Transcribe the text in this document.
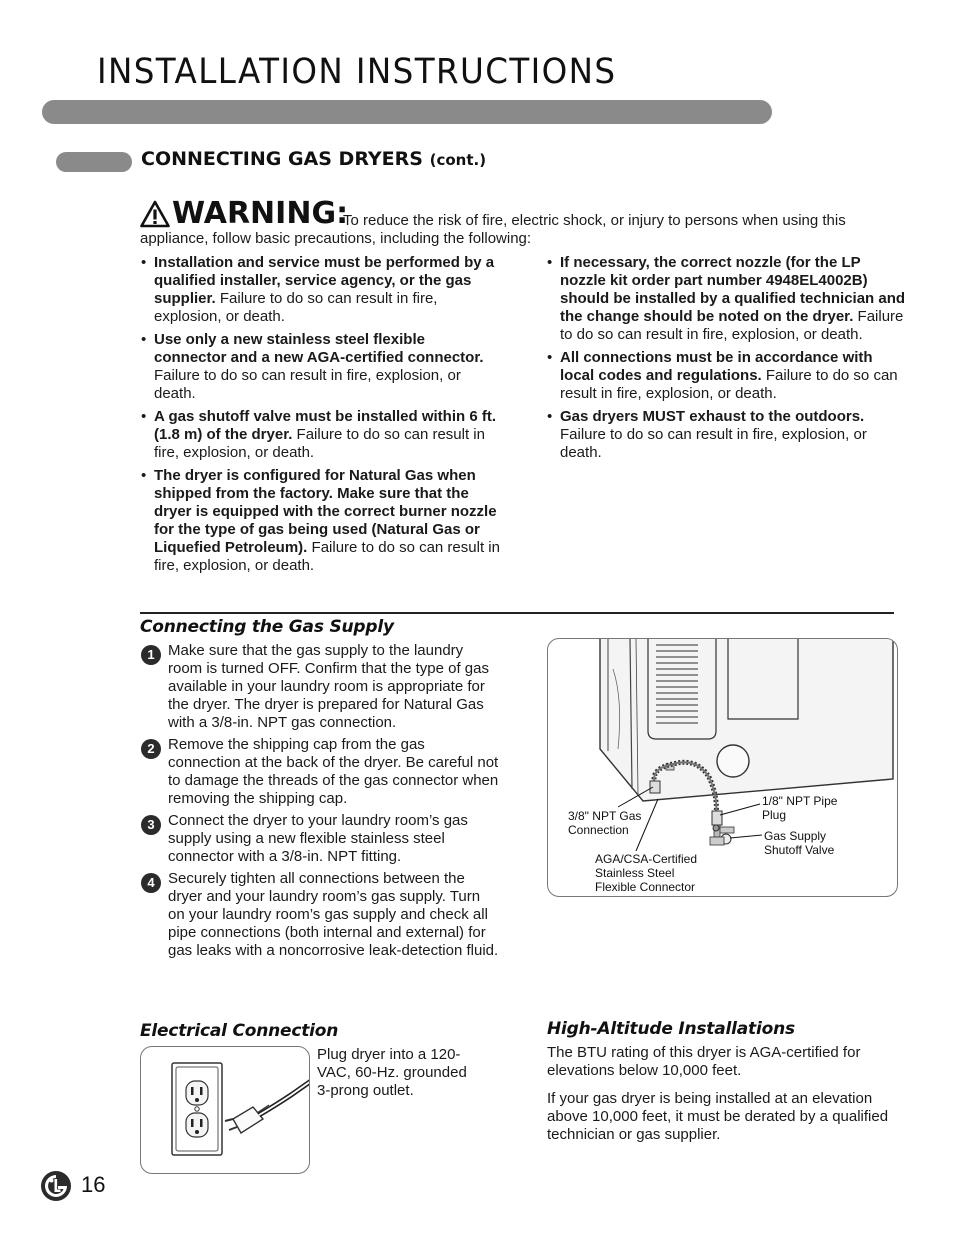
INSTALLATION INSTRUCTIONS
CONNECTING GAS DRYERS (cont.)
WARNING:
To reduce the risk of fire, electric shock, or injury to persons when using this
appliance, follow basic precautions, including the following:
• Installation and service must be performed by a qualified installer, service agency, or the gas supplier. Failure to do so can result in fire, explosion, or death.
• Use only a new stainless steel flexible connector and a new AGA-certified connector. Failure to do so can result in fire, explosion, or death.
• A gas shutoff valve must be installed within 6 ft. (1.8 m) of the dryer. Failure to do so can result in fire, explosion, or death.
• The dryer is configured for Natural Gas when shipped from the factory. Make sure that the dryer is equipped with the correct burner nozzle for the type of gas being used (Natural Gas or Liquefied Petroleum). Failure to do so can result in fire, explosion, or death.
• If necessary, the correct nozzle (for the LP nozzle kit order part number 4948EL4002B) should be installed by a qualified technician and the change should be noted on the dryer. Failure to do so can result in fire, explosion, or death.
• All connections must be in accordance with local codes and regulations. Failure to do so can result in fire, explosion, or death.
• Gas dryers MUST exhaust to the outdoors. Failure to do so can result in fire, explosion, or death.
Connecting the Gas Supply
1 Make sure that the gas supply to the laundry room is turned OFF. Confirm that the type of gas available in your laundry room is appropriate for the dryer. The dryer is prepared for Natural Gas with a 3/8-in. NPT gas connection.
2 Remove the shipping cap from the gas connection at the back of the dryer. Be careful not to damage the threads of the gas connector when removing the shipping cap.
3 Connect the dryer to your laundry room’s gas supply using a new flexible stainless steel connector with a 3/8-in. NPT fitting.
4 Securely tighten all connections between the dryer and your laundry room’s gas supply. Turn on your laundry room’s gas supply and check all pipe connections (both internal and external) for gas leaks with a noncorrosive leak-detection fluid.
3/8" NPT Gas
Connection
1/8" NPT Pipe
Plug
Gas Supply
Shutoff Valve
AGA/CSA-Certified
Stainless Steel
Flexible Connector
Electrical Connection
Plug dryer into a 120-VAC, 60-Hz. grounded 3-prong outlet.
High-Altitude Installations
The BTU rating of this dryer is AGA-certified for elevations below 10,000 feet.
If your gas dryer is being installed at an elevation above 10,000 feet, it must be derated by a qualified technician or gas supplier.
16
